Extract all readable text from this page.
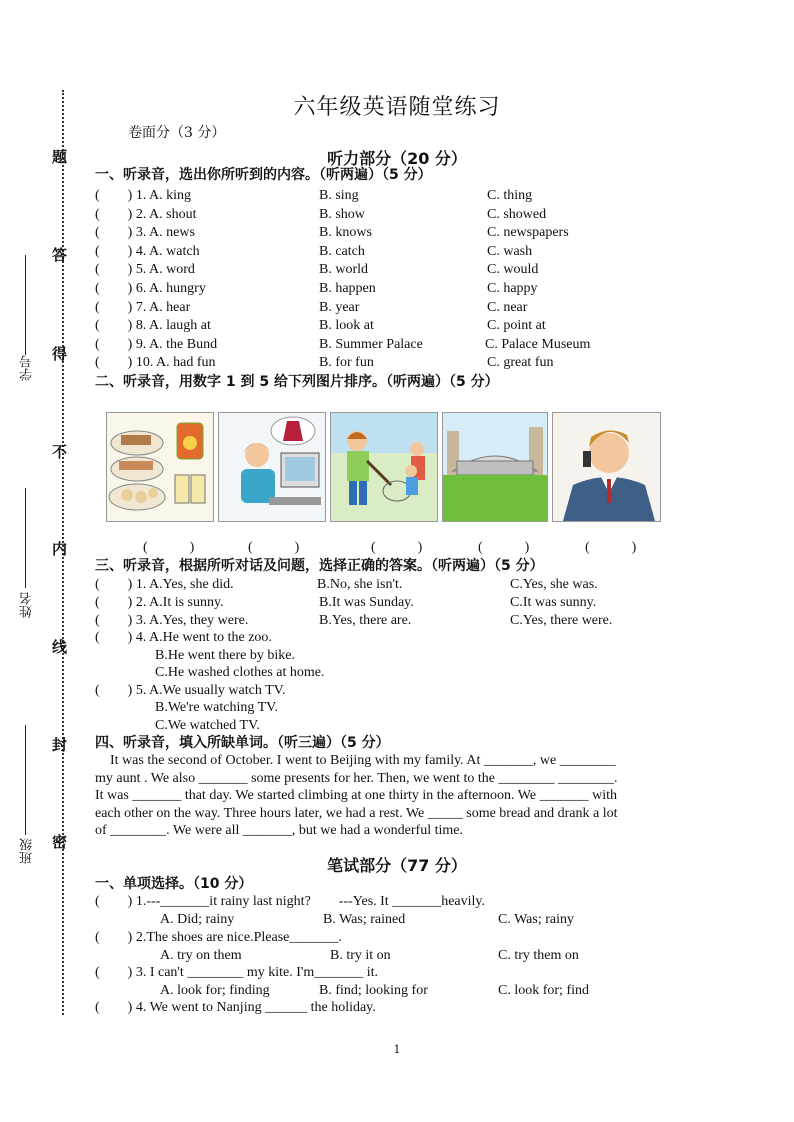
题
答
得
不
内
线
封
密
学号
姓名
班级
六年级英语随堂练习
卷面分（3 分）
听力部分（20 分）
一、听录音，选出你所听到的内容。（听两遍）（5 分）
(　　) 1. A. king	B. sing	C. thing
(　　) 2. A. shout	B. show	C. showed
(　　) 3. A. news	B. knows	C. newspapers
(　　) 4. A. watch	B. catch	C. wash
(　　) 5. A. word	B. world	C. would
(　　) 6. A. hungry	B. happen	C. happy
(　　) 7. A. hear	B. year	C. near
(　　) 8. A. laugh at	B. look at	C. point at
(　　) 9. A. the Bund	B. Summer Palace	C. Palace Museum
(　　) 10. A. had fun	B. for fun	C. great fun
二、听录音，用数字 1 到 5 给下列图片排序。（听两遍）（5 分）
(　　　)	(　　　)	(　　　)	(　　　)	(　　　)
三、听录音，根据所听对话及问题，选择正确的答案。（听两遍）（5 分）
(　　) 1. A.Yes, she did.	B.No, she isn't.	C.Yes, she was.
(　　) 2. A.It is sunny.	B.It was Sunday.	C.It was sunny.
(　　) 3. A.Yes, they were.	B.Yes, there are.	C.Yes, there were.
(　　) 4. A.He went to the zoo.
B.He went there by bike.
C.He washed clothes at home.
(　　) 5. A.We usually watch TV.
B.We're watching TV.
C.We watched TV.
四、听录音，填入所缺单词。（听三遍）（5 分）
It was the second of October. I went to Beijing with my family. At _______, we ________
my aunt . We also _______ some presents for her. Then, we went to the ________ ________.
It was _______ that day. We started climbing at one thirty in the afternoon. We _______ with
each other on the way. Three hours later, we had a rest. We _____ some bread and drank a lot
of ________. We were all _______, but we had a wonderful time.
笔试部分（77 分）
一、单项选择。（10 分）
(　　) 1.---_______it rainy last night?　　---Yes. It _______heavily.
A. Did; rainy	B. Was; rained	C. Was; rainy
(　　) 2.The shoes are nice.Please_______.
A. try on them	B. try it on	C. try them on
(　　) 3. I can't ________ my kite. I'm_______ it.
A. look for; finding	B. find; looking for	C. look for; find
(　　) 4. We went to Nanjing ______ the holiday.
1
